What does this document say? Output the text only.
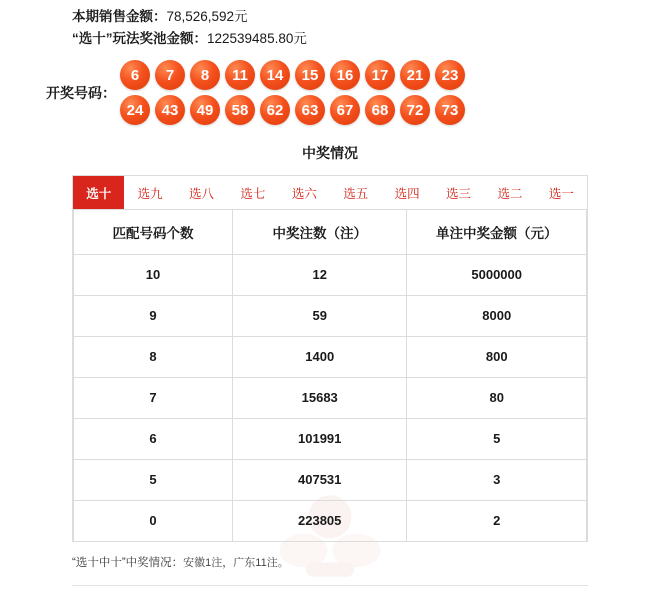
本期销售金额：78,526,592元
“选十”玩法奖池金额：122539485.80元
开奖号码：
6	7	8	11	14	15	16	17	21	23
24	43	49	58	62	63	67	68	72	73
中奖情况
选十	选九	选八	选七	选六	选五	选四	选三	选二	选一
匹配号码个数	中奖注数（注）	单注中奖金额（元）
10	12	5000000
9	59	8000
8	1400	800
7	15683	80
6	101991	5
5	407531	3
0	223805	2
“选十中十”中奖情况：安徽1注，广东11注。
